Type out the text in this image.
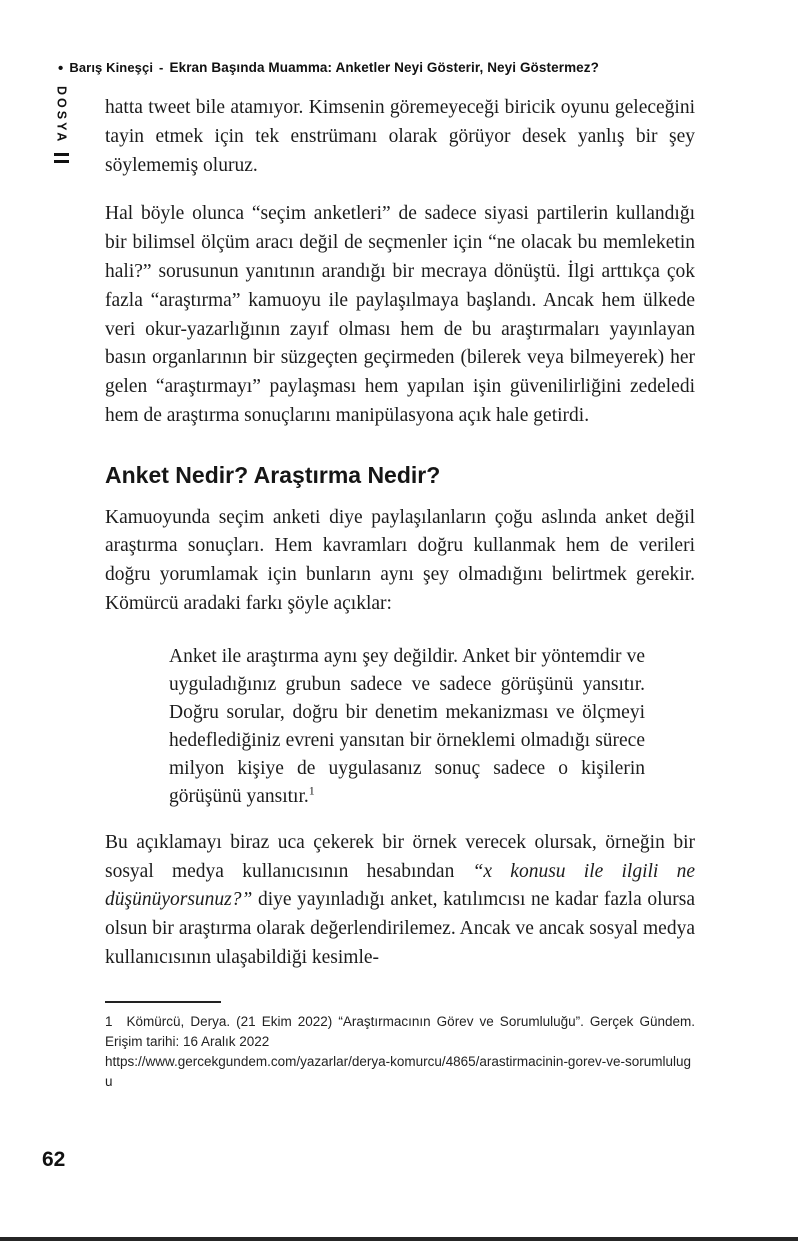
• Barış Kineşçi - Ekran Başında Muamma: Anketler Neyi Gösterir, Neyi Göstermez?
DOSYA hatta tweet bile atamıyor. Kimsenin göremeyeceği biricik oyunu geleceğini tayin etmek için tek enstrümanı olarak görüyor desek yanlış bir şey söylememiş oluruz.

Hal böyle olunca “seçim anketleri” de sadece siyasi partilerin kullandığı bir bilimsel ölçüm aracı değil de seçmenler için “ne olacak bu memleketin hali?” sorusunun yanıtının arandığı bir mecraya dönüştü. İlgi arttıkça çok fazla “araştırma” kamuoyu ile paylaşılmaya başlandı. Ancak hem ülkede veri okur-yazarlığının zayıf olması hem de bu araştırmaları yayınlayan basın organlarının bir süzgeçten geçirmeden (bilerek veya bilmeyerek) her gelen “araştırmayı” paylaşması hem yapılan işin güvenilirliğini zedeledi hem de araştırma sonuçlarını manipülasyona açık hale getirdi.

Anket Nedir? Araştırma Nedir?

Kamuoyunda seçim anketi diye paylaşılanların çoğu aslında anket değil araştırma sonuçları. Hem kavramları doğru kullanmak hem de verileri doğru yorumlamak için bunların aynı şey olmadığını belirtmek gerekir. Kömürcü aradaki farkı şöyle açıklar:

Anket ile araştırma aynı şey değildir. Anket bir yöntemdir ve uyguladığınız grubun sadece ve sadece görüşünü yansıtır. Doğru sorular, doğru bir denetim mekanizması ve ölçmeyi hedeflediğiniz evreni yansıtan bir örneklemi olmadığı sürece milyon kişiye de uygulasanız sonuç sadece o kişilerin görüşünü yansıtır.$^1$

Bu açıklamayı biraz uca çekerek bir örnek verecek olursak, örneğin bir sosyal medya kullanıcısının hesabından “x konusu ile ilgili ne düşünüyorsunuz?” diye yayınladığı anket, katılımcısı ne kadar fazla olursa olsun bir araştırma olarak değerlendirilemez. Ancak ve ancak sosyal medya kullanıcısının ulaşabildiği kesimle-

1 Kömürcü, Derya. (21 Ekim 2022) “Araştırmacının Görev ve Sorumluluğu”. Gerçek Gündem. Erişim tarihi: 16 Aralık 2022
https://www.gercekgundem.com/yazarlar/derya-komurcu/4865/arastirmacinin-gorev-ve-sorumlulugu
62
